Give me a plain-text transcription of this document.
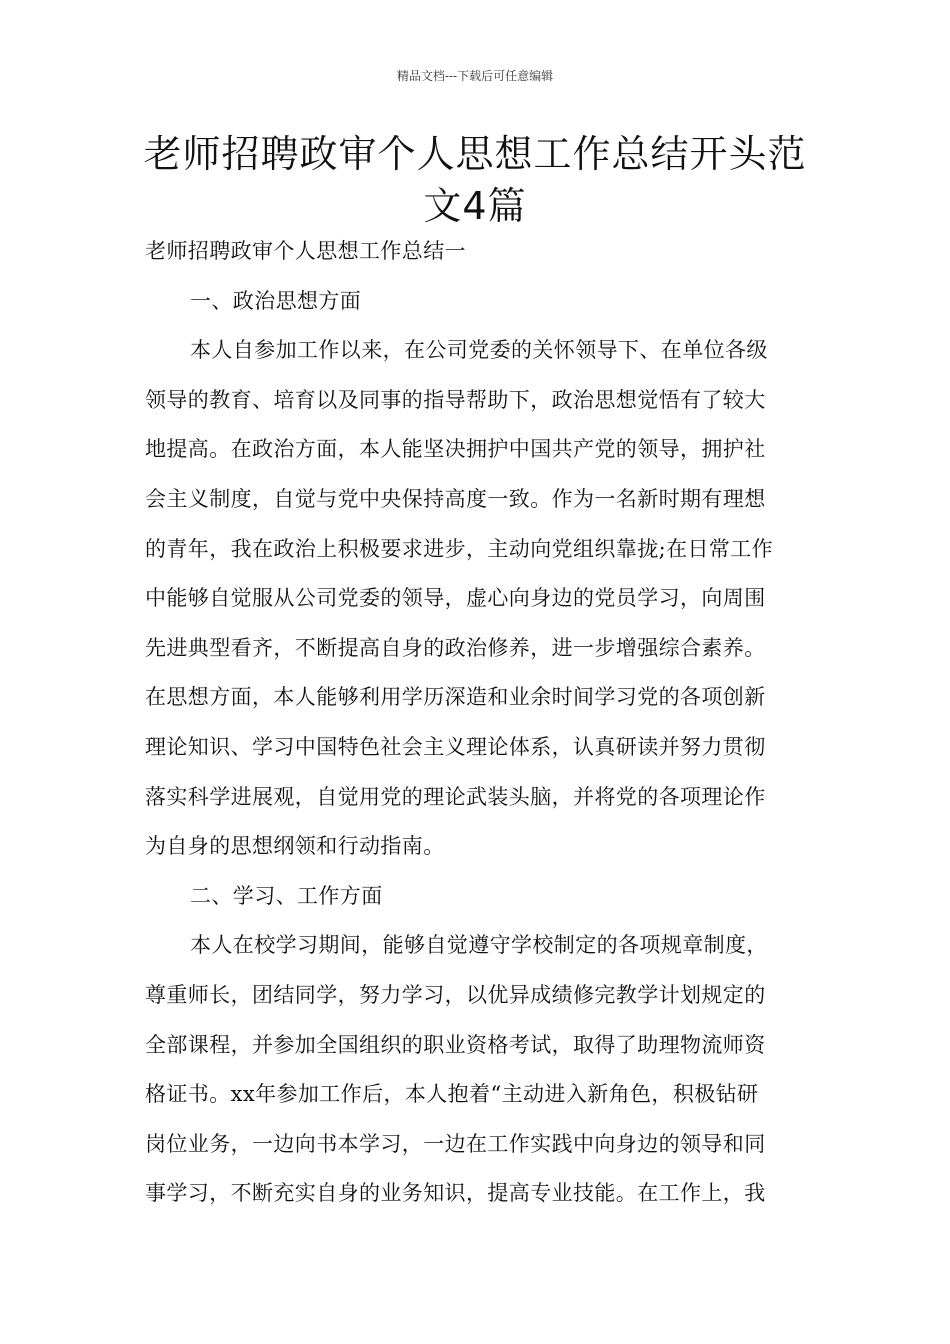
精品文档---下载后可任意编辑
老师招聘政审个人思想工作总结开头范
文4篇
老师招聘政审个人思想工作总结一
一、政治思想方面
本人自参加工作以来，在公司党委的关怀领导下、在单位各级
领导的教育、培育以及同事的指导帮助下，政治思想觉悟有了较大
地提高。在政治方面，本人能坚决拥护中国共产党的领导，拥护社
会主义制度，自觉与党中央保持高度一致。作为一名新时期有理想
的青年，我在政治上积极要求进步，主动向党组织靠拢;在日常工作
中能够自觉服从公司党委的领导，虚心向身边的党员学习，向周围
先进典型看齐，不断提高自身的政治修养，进一步增强综合素养。
在思想方面，本人能够利用学历深造和业余时间学习党的各项创新
理论知识、学习中国特色社会主义理论体系，认真研读并努力贯彻
落实科学进展观，自觉用党的理论武装头脑，并将党的各项理论作
为自身的思想纲领和行动指南。
二、学习、工作方面
本人在校学习期间，能够自觉遵守学校制定的各项规章制度，
尊重师长，团结同学，努力学习，以优异成绩修完教学计划规定的
全部课程，并参加全国组织的职业资格考试，取得了助理物流师资
格证书。xx年参加工作后，本人抱着“主动进入新角色，积极钻研
岗位业务，一边向书本学习，一边在工作实践中向身边的领导和同
事学习，不断充实自身的业务知识，提高专业技能。在工作上，我
